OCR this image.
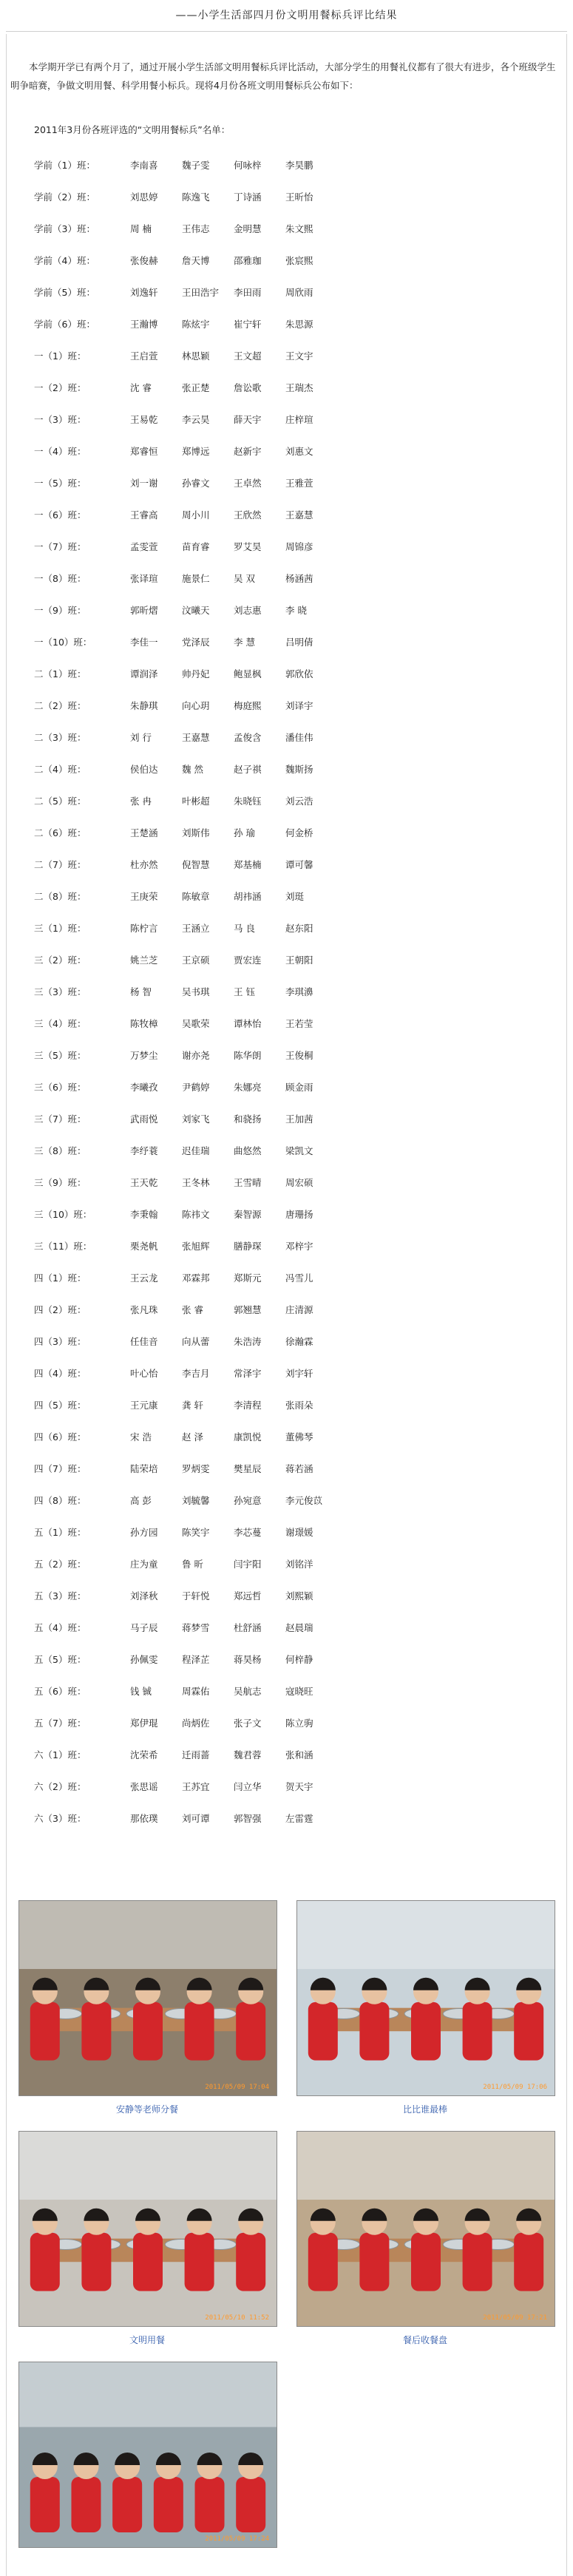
——小学生活部四月份文明用餐标兵评比结果

本学期开学已有两个月了，通过开展小学生活部文明用餐标兵评比活动，大部分学生的用餐礼仪都有了很大有进步，各个班级学生明争暗赛，争做文明用餐、科学用餐小标兵。现将4月份各班文明用餐标兵公布如下：

2011年3月份各班评选的“文明用餐标兵”名单：
学前（1）班：	李南喜	魏子雯	何咏梓	李昊鹏
学前（2）班：	刘思婷	陈逸飞	丁诗涵	王昕怡
学前（3）班：	周 楠	王伟志	金明慧	朱文熙
学前（4）班：	张俊赫	詹天博	邵雅珈	张宸熙
学前（5）班：	刘逸轩	王田浩宇 李田雨	周欣雨
学前（6）班：	王瀚博	陈炫宇	崔宁轩	朱思源
一（1）班：	王启萱	林思颖	王文超	王文宇
一（2）班：	沈 睿	张正楚	詹讼歌	王瑞杰
一（3）班：	王易乾	李云昊	薛天宇	庄梓瑄
一（4）班：	郑睿恒	郑博远	赵新宇	刘惠文
一（5）班：	刘一谢	孙睿文	王卓然	王雅萱
一（6）班：	王睿高	周小川	王欣然	王嘉慧
一（7）班：	孟雯萱	苗育睿	罗艾昊	周锦彦
一（8）班：	张译瑄	施景仁	吴 双	杨涵茜
一（9）班：	郭昕熠	汶曦天	刘志惠	李 晓
一（10）班：	李佳一	党泽辰	李 慧	吕明倩
二（1）班：	谭润泽	帅丹妃	鲍显枫	郭欣依
二（2）班：	朱静琪	向心玥	梅庭熙	刘译宇
二（3）班：	刘 行	王嘉慧	孟俊含	潘佳伟
二（4）班：	侯伯达	魏 然	赵子祺	魏斯扬
二（5）班：	张 冉	叶彬超	朱晓钰	刘云浩
二（6）班：	王楚涵	刘斯伟	孙 瑜	何金桥
二（7）班：	杜亦然	倪智慧	郑基楠	谭可馨
二（8）班：	王庚荣	陈敏章	胡祎涵	刘珽
三（1）班：	陈柠言	王涵立	马 良	赵东阳
三（2）班：	姚兰芝	王京硕	贾宏连	王朝阳
三（3）班：	杨 智	吴书琪	王 钰	李琪濞
三（4）班：	陈牧樟	吴歌荣	谭林怡	王若莹
三（5）班：	万梦尘	谢亦尧	陈华朗	王俊桐
三（6）班：	李曦孜	尹鹤婷	朱娜亮	顾金雨
三（7）班：	武雨悦	刘家飞	和骁扬	王加茜
三（8）班：	李纾蓑	迟佳瑞	曲悠然	梁凯文
三（9）班：	王天乾	王冬林	王雪晴	周宏硕
三（10）班：	李秉翰	陈祎文	秦智源	唐珊扬
三（11）班：	栗尧帆	张旭辉	膳静琛	邓梓宇
四（1）班：	王云龙	邓霖邦	郑斯元	冯雪儿
四（2）班：	张凡珠	张 睿	郭翘慧	庄清源
四（3）班：	任佳音	向从蕾	朱浩涛	徐瀚霖
四（4）班：	叶心怡	李吉月	常泽宇	刘宇轩
四（5）班：	王元康	龚 轩	李清程	张雨朵
四（6）班：	宋 浩	赵 泽	康凯悦	董佛琴
四（7）班：	陆荣培	罗炳雯	樊星辰	蒋若涵
四（8）班：	高 彭	刘毓馨	孙宛意	李元俊苡
五（1）班：	孙方园	陈笑宇	李芯蔓	谢璟媛
五（2）班：	庄为童	鲁 昕	闫宇阳	刘铭洋
五（3）班：	刘泽秋	于轩悦	郑远哲	刘熙颖
五（4）班：	马子辰	蒋梦雪	杜舒涵	赵晨瑞
五（5）班：	孙佩雯	程泽芷	蒋昊杨	何梓静
五（6）班：	钱 铖	周霖佑	吴航志	寇晓旺
五（7）班：	郑伊琨	尚炳佐	张子文	陈立驹
六（1）班：	沈荣希	迁雨蔷	魏君蓉	张和涵
六（2）班：	张思谣	王苏宜	闫立华	贺天宇
六（3）班：	那依璞	刘可谭	郭智强	左雷霆
2011/05/09 17:04
安静等老师分餐
2011/05/09 17:06
比比谁最棒
2011/05/10 11:52
文明用餐
2011/05/09 17:21
餐后收餐盘
2011/05/09 17:24
